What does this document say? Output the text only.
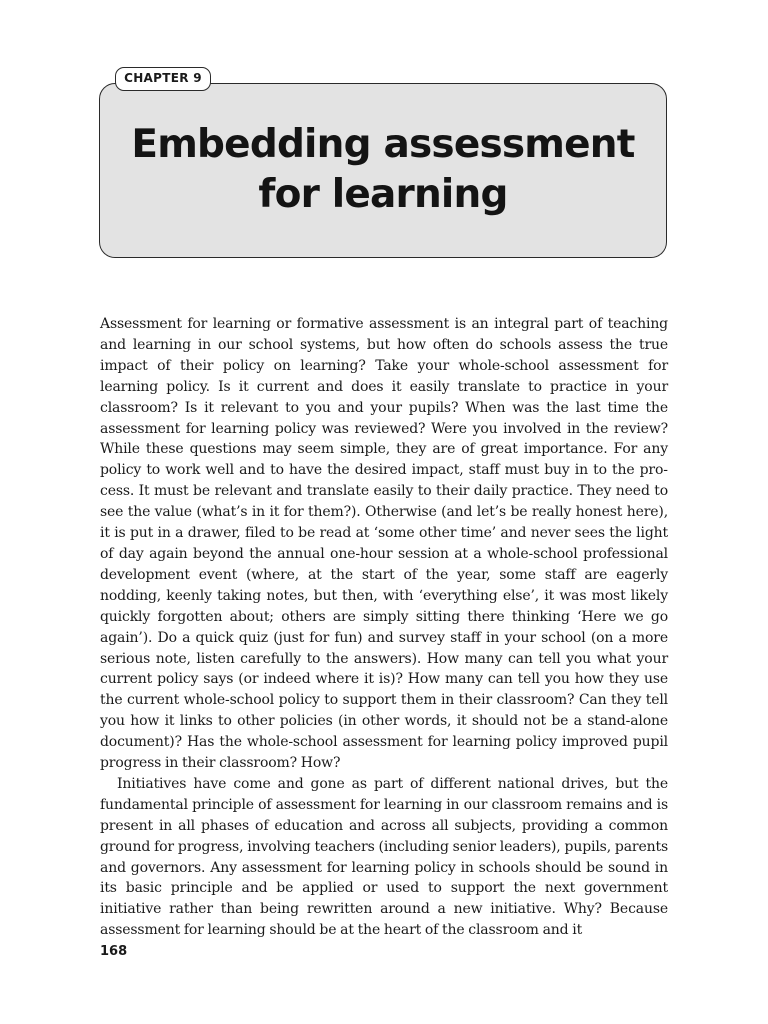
CHAPTER 9
Embedding assessment
for learning

Assessment for learning or formative assessment is an integral part of teaching and learning in our school systems, but how often do schools assess the true impact of their policy on learning? Take your whole-school assessment for learning policy. Is it current and does it easily translate to practice in your classroom? Is it relevant to you and your pupils? When was the last time the assessment for learning policy was reviewed? Were you involved in the review? While these questions may seem simple, they are of great importance. For any policy to work well and to have the desired impact, staff must buy in to the process. It must be relevant and translate easily to their daily practice. They need to see the value (what’s in it for them?). Otherwise (and let’s be really honest here), it is put in a drawer, filed to be read at ‘some other time’ and never sees the light of day again beyond the annual one-hour session at a whole-school professional development event (where, at the start of the year, some staff are eagerly nodding, keenly taking notes, but then, with ‘everything else’, it was most likely quickly forgotten about; others are simply sitting there thinking ‘Here we go again’). Do a quick quiz (just for fun) and survey staff in your school (on a more serious note, listen carefully to the answers). How many can tell you what your current policy says (or indeed where it is)? How many can tell you how they use the current whole-school policy to support them in their classroom? Can they tell you how it links to other policies (in other words, it should not be a stand-alone document)? Has the whole-school assessment for learning policy improved pupil progress in their classroom? How?

Initiatives have come and gone as part of different national drives, but the fundamental principle of assessment for learning in our classroom remains and is present in all phases of education and across all subjects, providing a common ground for progress, involving teachers (including senior leaders), pupils, parents and governors. Any assessment for learning policy in schools should be sound in its basic principle and be applied or used to support the next government initiative rather than being rewritten around a new initiative. Why? Because assessment for learning should be at the heart of the classroom and it

168
